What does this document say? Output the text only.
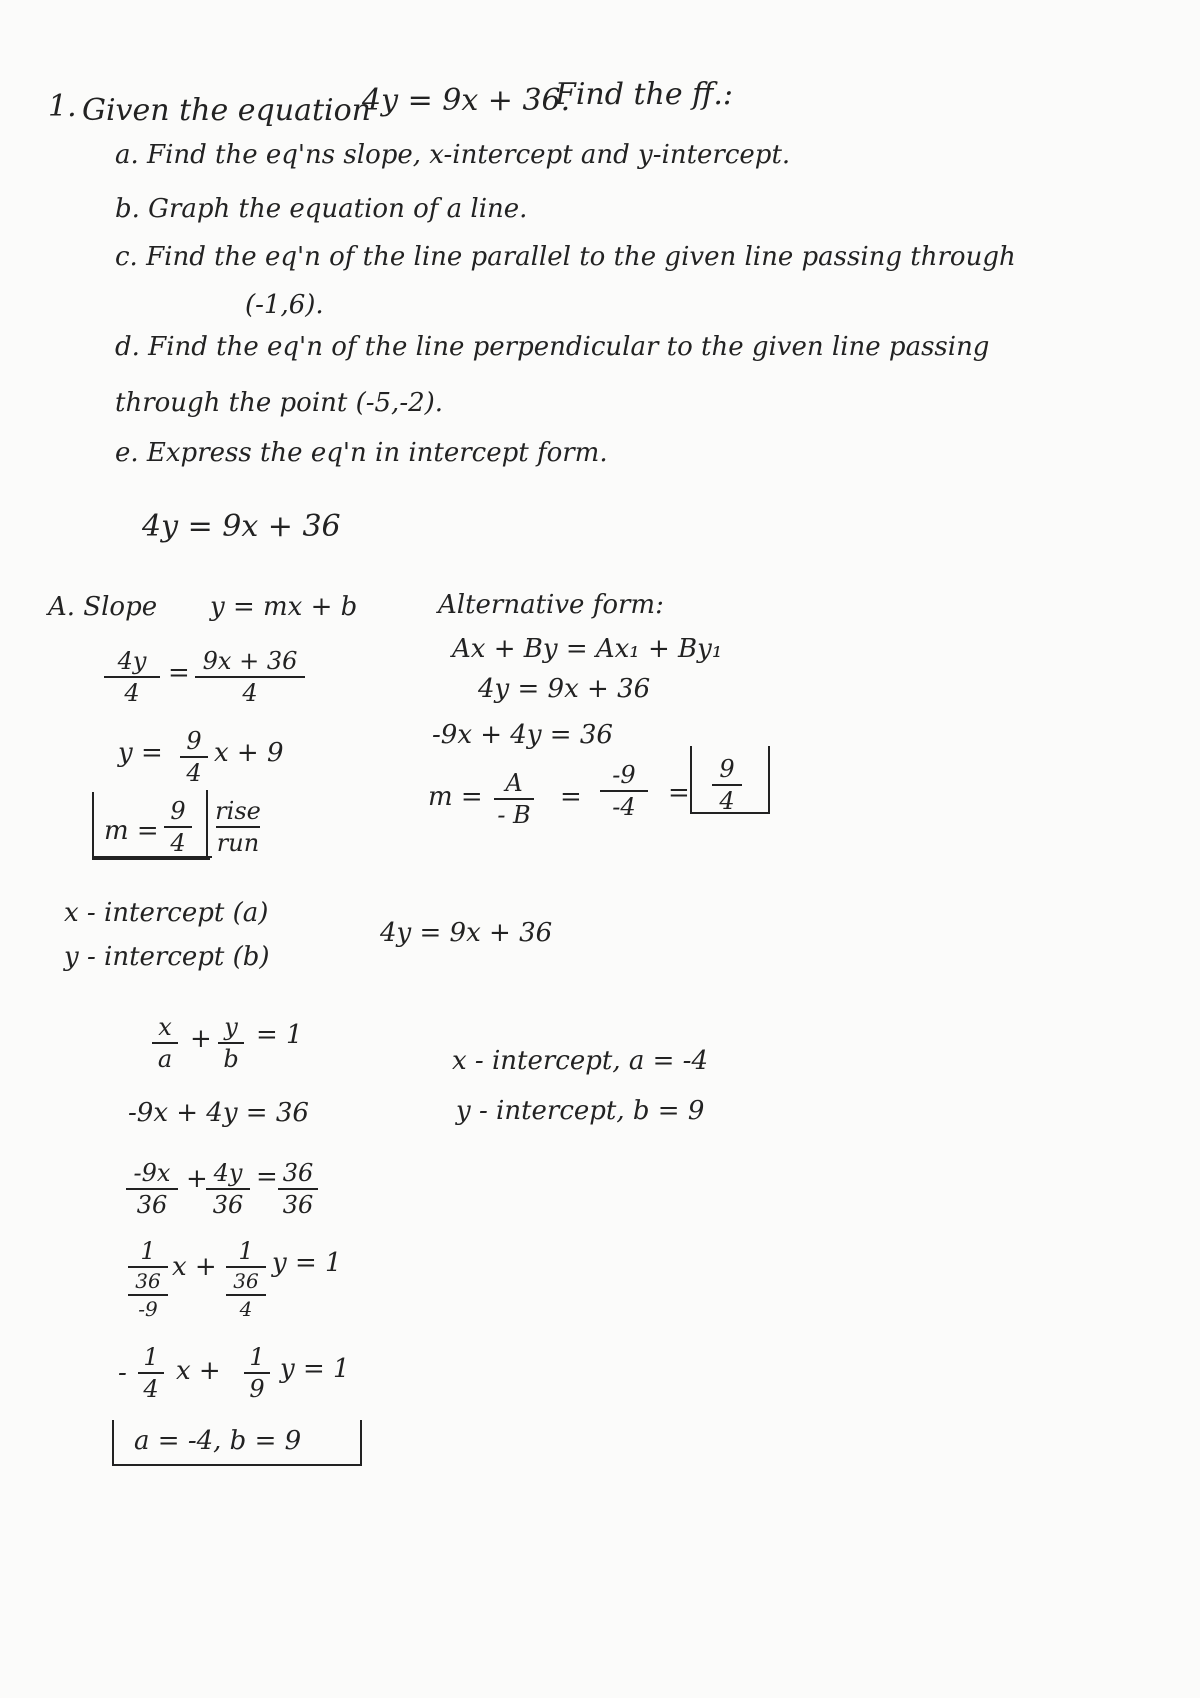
1. Given the equation
4y = 9x + 36.
Find the ff.:
a. Find the eq'ns slope, x-intercept and y-intercept.
b. Graph the equation of a line.
c. Find the eq'n of the line parallel to the given line passing through
(-1,6).
d. Find the eq'n of the line perpendicular to the given line passing
through the point (-5,-2).
e. Express the eq'n in intercept form.
4y = 9x + 36
A. Slope y = mx + b
4y
4
= 9x + 36
4
y = 9
4
x + 9
m =
9
4
rise
run
Alternative form:
Ax + By = Ax₁ + By₁
4y = 9x + 36
-9x + 4y = 36
m = A
- B
=
-9
-4 =
9
4
x - intercept (a)
y - intercept (b)
4y = 9x + 36
x
a
+ y
b
= 1
-9x + 4y = 36
-9x
36
+ 4y
36
= 36
36
1
36
-9
x +
1
36
4
y = 1
-
1
4
x + 1
9
y = 1
a = -4, b = 9
x - intercept, a = -4
y - intercept, b = 9
